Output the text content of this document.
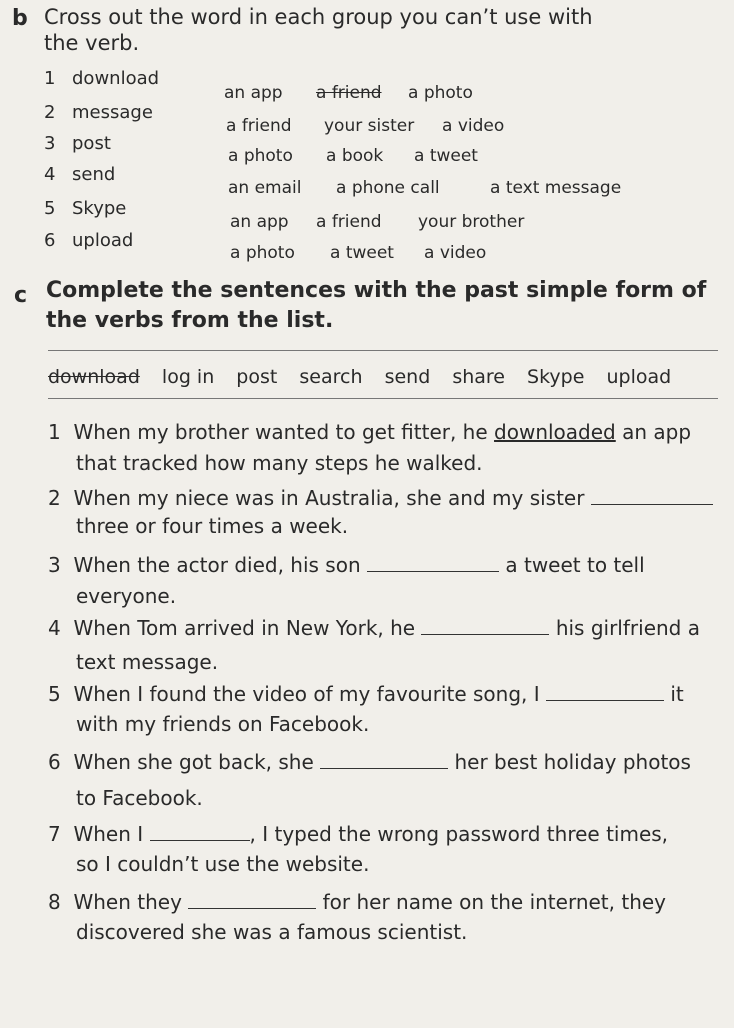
b Cross out the word in each group you can’t use with
the verb.
1 download
an app a friend a photo
2 message
a friend your sister a video
3 post
a photo a book a tweet
4 send
an email a phone call	a text message
5 Skype
an app a friend your brother
6 upload
a photo a tweet a video
c Complete the sentences with the past simple form of
the verbs from the list.
download log in post search send share Skype upload
1 When my brother wanted to get fitter, he downloaded an app
that tracked how many steps he walked.
2 When my niece was in Australia, she and my sister
three or four times a week.
3 When the actor died, his son	a tweet to tell
everyone.
4 When Tom arrived in New York, he	his girlfriend a
text message.
5 When I found the video of my favourite song, I	it
with my friends on Facebook.
6 When she got back, she	her best holiday photos
to Facebook.
7 When I	, I typed the wrong password three times,
so I couldn’t use the website.
8 When they	for her name on the internet, they
discovered she was a famous scientist.
